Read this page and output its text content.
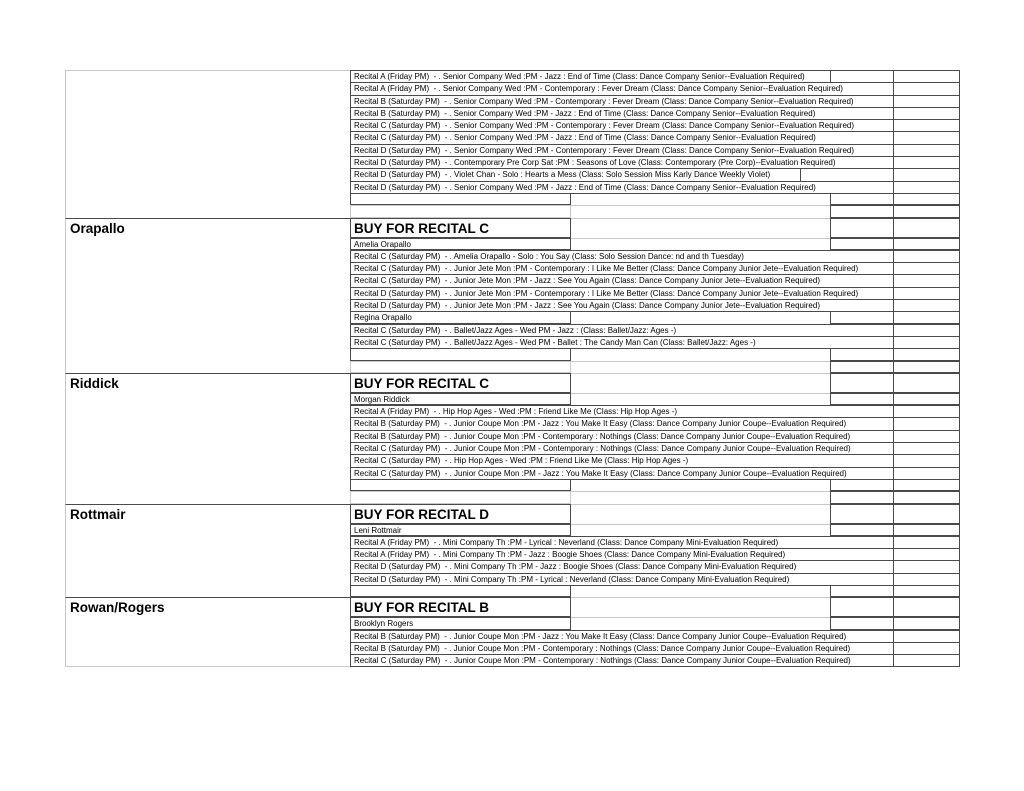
Recital A (Friday PM)  - . Senior Company Wed :PM - Jazz : End of Time (Class: Dance Company Senior--Evaluation Required)
Recital A (Friday PM)  - . Senior Company Wed :PM - Contemporary : Fever Dream (Class: Dance Company Senior--Evaluation Required)
Recital B (Saturday PM)  - . Senior Company Wed :PM - Contemporary : Fever Dream (Class: Dance Company Senior--Evaluation Required)
Recital B (Saturday PM)  - . Senior Company Wed :PM - Jazz : End of Time (Class: Dance Company Senior--Evaluation Required)
Recital C (Saturday PM)  - . Senior Company Wed :PM - Contemporary : Fever Dream (Class: Dance Company Senior--Evaluation Required)
Recital C (Saturday PM)  - . Senior Company Wed :PM - Jazz : End of Time (Class: Dance Company Senior--Evaluation Required)
Recital D (Saturday PM)  - . Senior Company Wed :PM - Contemporary : Fever Dream (Class: Dance Company Senior--Evaluation Required)
Recital D (Saturday PM)  - . Contemporary Pre Corp Sat :PM : Seasons of Love (Class: Contemporary (Pre Corp)--Evaluation Required)
Recital D (Saturday PM)  - . Violet Chan - Solo : Hearts a Mess (Class: Solo Session Miss Karly Dance Weekly Violet)
Recital D (Saturday PM)  - . Senior Company Wed :PM - Jazz : End of Time (Class: Dance Company Senior--Evaluation Required)
Orapallo	BUY FOR RECITAL C
Amelia Orapallo
Recital C (Saturday PM)  - . Amelia Orapallo - Solo : You Say (Class: Solo Session Dance: nd and th Tuesday)
Recital C (Saturday PM)  - . Junior Jete Mon :PM - Contemporary : I Like Me Better (Class: Dance Company Junior Jete--Evaluation Required)
Recital C (Saturday PM)  - . Junior Jete Mon :PM - Jazz : See You Again (Class: Dance Company Junior Jete--Evaluation Required)
Recital D (Saturday PM)  - . Junior Jete Mon :PM - Contemporary : I Like Me Better (Class: Dance Company Junior Jete--Evaluation Required)
Recital D (Saturday PM)  - . Junior Jete Mon :PM - Jazz : See You Again (Class: Dance Company Junior Jete--Evaluation Required)
Regina Orapallo
Recital C (Saturday PM)  - . Ballet/Jazz Ages - Wed PM - Jazz : (Class: Ballet/Jazz: Ages -)
Recital C (Saturday PM)  - . Ballet/Jazz Ages - Wed PM - Ballet : The Candy Man Can (Class: Ballet/Jazz: Ages -)
Riddick	BUY FOR RECITAL C
Morgan Riddick
Recital A (Friday PM)  - . Hip Hop Ages - Wed :PM : Friend Like Me (Class: Hip Hop Ages -)
Recital B (Saturday PM)  - . Junior Coupe Mon :PM - Jazz : You Make It Easy (Class: Dance Company Junior Coupe--Evaluation Required)
Recital B (Saturday PM)  - . Junior Coupe Mon :PM - Contemporary : Nothings (Class: Dance Company Junior Coupe--Evaluation Required)
Recital C (Saturday PM)  - . Junior Coupe Mon :PM - Contemporary : Nothings (Class: Dance Company Junior Coupe--Evaluation Required)
Recital C (Saturday PM)  - . Hip Hop Ages - Wed :PM : Friend Like Me (Class: Hip Hop Ages -)
Recital C (Saturday PM)  - . Junior Coupe Mon :PM - Jazz : You Make It Easy (Class: Dance Company Junior Coupe--Evaluation Required)
Rottmair	BUY FOR RECITAL D
Leni Rottmair
Recital A (Friday PM)  - . Mini Company Th :PM - Lyrical : Neverland (Class: Dance Company Mini-Evaluation Required)
Recital A (Friday PM)  - . Mini Company Th :PM - Jazz : Boogie Shoes (Class: Dance Company Mini-Evaluation Required)
Recital D (Saturday PM)  - . Mini Company Th :PM - Jazz : Boogie Shoes (Class: Dance Company Mini-Evaluation Required)
Recital D (Saturday PM)  - . Mini Company Th :PM - Lyrical : Neverland (Class: Dance Company Mini-Evaluation Required)
Rowan/Rogers	BUY FOR RECITAL B
Brooklyn Rogers
Recital B (Saturday PM)  - . Junior Coupe Mon :PM - Jazz : You Make It Easy (Class: Dance Company Junior Coupe--Evaluation Required)
Recital B (Saturday PM)  - . Junior Coupe Mon :PM - Contemporary : Nothings (Class: Dance Company Junior Coupe--Evaluation Required)
Recital C (Saturday PM)  - . Junior Coupe Mon :PM - Contemporary : Nothings (Class: Dance Company Junior Coupe--Evaluation Required)
